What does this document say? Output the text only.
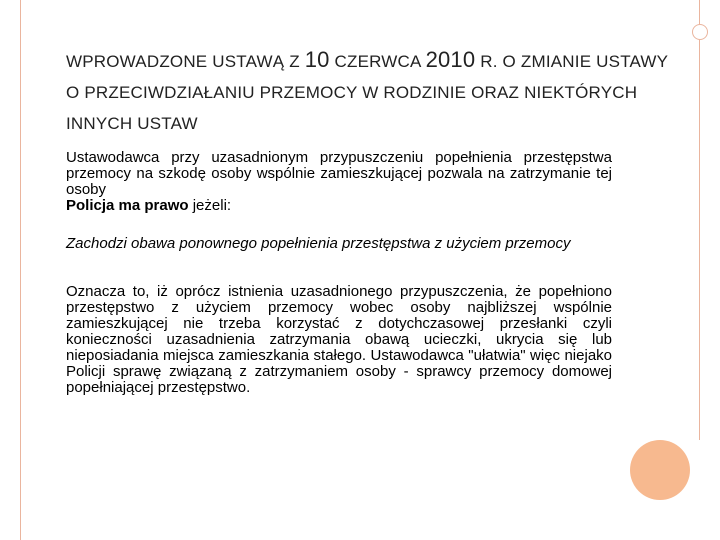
WPROWADZONE USTAWĄ Z 10 CZERWCA 2010 R. O ZMIANIE USTAWY O PRZECIWDZIAŁANIU PRZEMOCY W RODZINIE ORAZ NIEKTÓRYCH INNYCH USTAW

Ustawodawca przy uzasadnionym przypuszczeniu popełnienia przestępstwa przemocy na szkodę osoby wspólnie zamieszkującej pozwala na zatrzymanie tej osoby

Policja ma prawo jeżeli:

Zachodzi obawa ponownego popełnienia przestępstwa z użyciem przemocy

Oznacza to, iż oprócz istnienia uzasadnionego przypuszczenia, że popełniono przestępstwo z użyciem przemocy wobec osoby najbliższej wspólnie zamieszkującej nie trzeba korzystać z dotychczasowej przesłanki czyli konieczności uzasadnienia zatrzymania obawą ucieczki, ukrycia się lub nieposiadania miejsca zamieszkania stałego. Ustawodawca "ułatwia" więc niejako Policji sprawę związaną z zatrzymaniem osoby - sprawcy przemocy domowej popełniającej przestępstwo.
